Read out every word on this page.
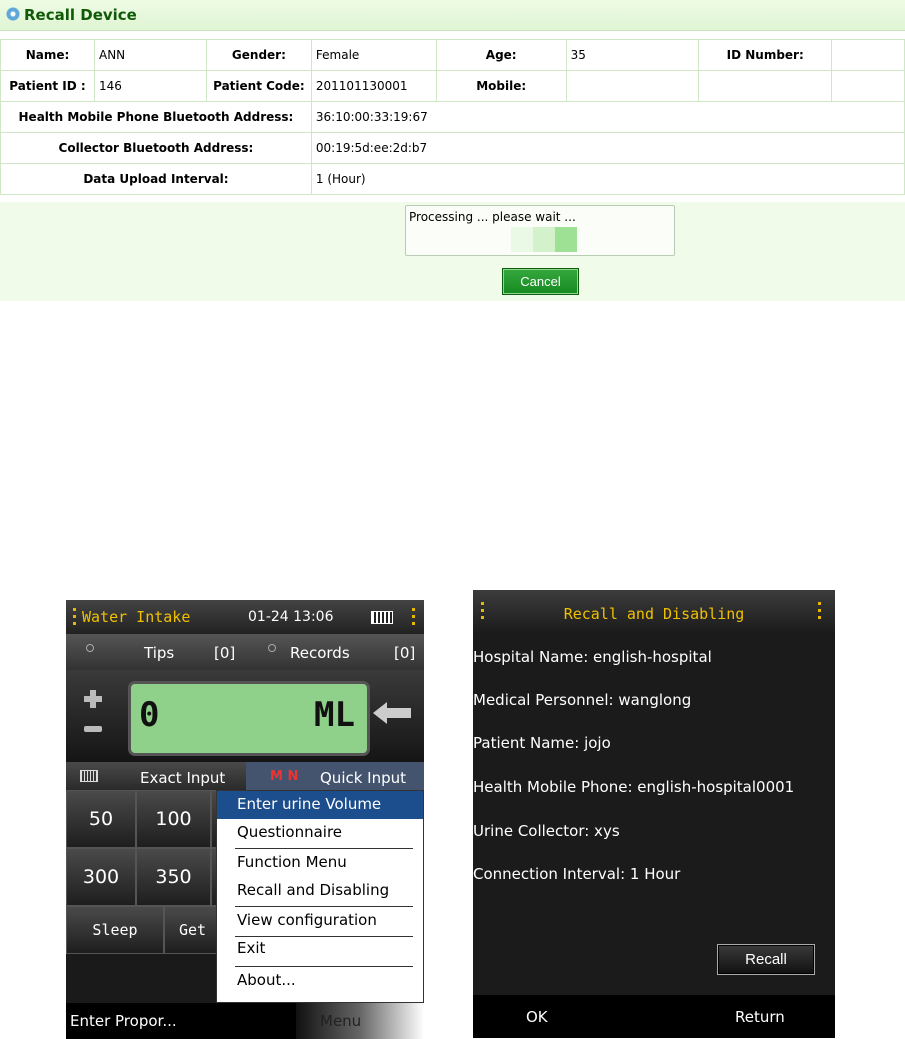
Recall Device
Name:	ANN	Gender:	Female	Age:	35	ID Number:	
Patient ID :	146	Patient Code:	201101130001	Mobile:			
Health Mobile Phone Bluetooth Address:			36:10:00:33:19:67				
Collector Bluetooth Address:			00:19:5d:ee:2d:b7				
Data Upload Interval:			1 (Hour)				
Processing ... please wait ...
Cancel
Water Intake	01-24 13:06
Tips	[0]	Records	[0]
0	ML
Exact Input	M N Quick Input
50	100
300	350
Sleep	Get
Enter urine Volume
Questionnaire
Function Menu
Recall and Disabling
View configuration
Exit
About...
Enter Propor...	Menu
Recall and Disabling
Hospital Name: english-hospital
Medical Personnel: wanglong
Patient Name: jojo
Health Mobile Phone: english-hospital0001
Urine Collector: xys
Connection Interval: 1 Hour
Recall
OK	Return
